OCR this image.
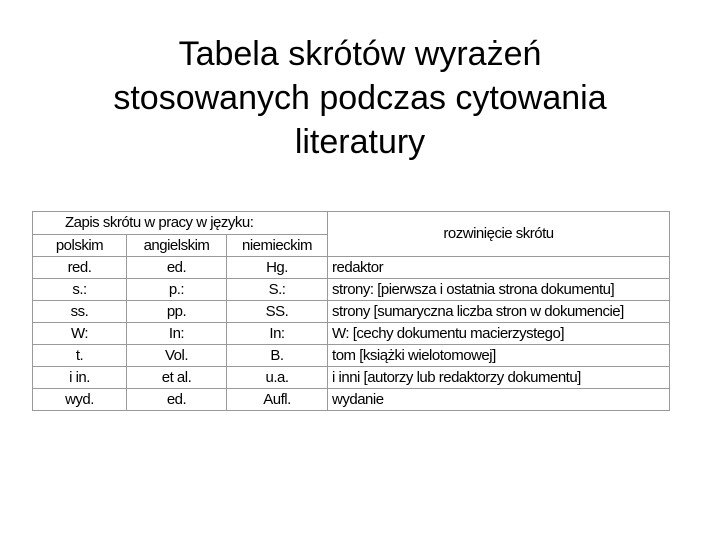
Tabela skrótów wyrażeń
stosowanych podczas cytowania
literatury
Zapis skrótu w pracy w języku:			rozwinięcie skrótu
polskim	angielskim	niemieckim	
red.	ed.	Hg.	redaktor
s.:	p.:	S.:	strony: [pierwsza i ostatnia strona dokumentu]
ss.	pp.	SS.	strony [sumaryczna liczba stron w dokumencie]
W:	In:	In:	W: [cechy dokumentu macierzystego]
t.	Vol.	B.	tom [książki wielotomowej]
i in.	et al.	u.a.	i inni [autorzy lub redaktorzy dokumentu]
wyd.	ed.	Aufl.	wydanie
